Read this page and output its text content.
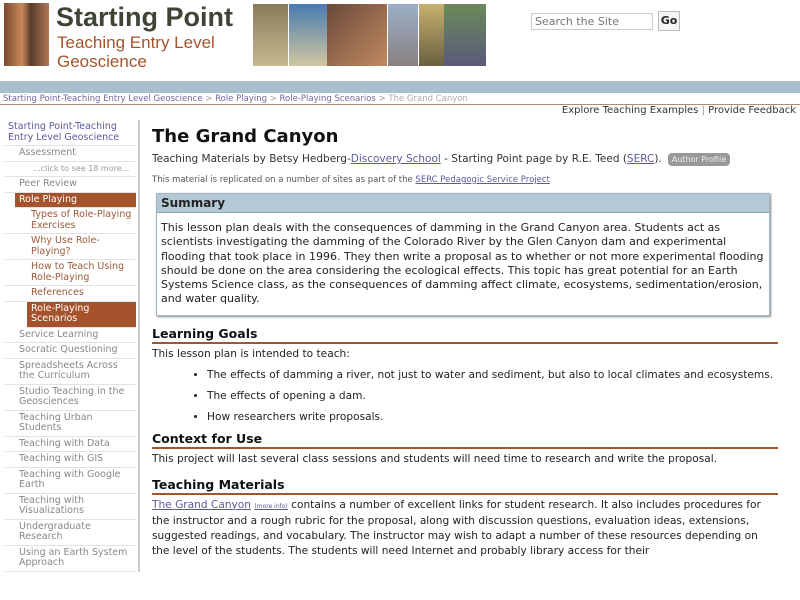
Starting Point
Teaching Entry Level Geoscience
Search the Site
Go
Starting Point-Teaching Entry Level Geoscience > Role Playing > Role-Playing Scenarios > The Grand Canyon
Explore Teaching Examples | Provide Feedback
Starting Point-Teaching Entry Level Geoscience
Assessment
...click to see 18 more...
Peer Review
Role Playing
Types of Role-Playing Exercises
Why Use Role-Playing?
How to Teach Using Role-Playing
References
Role-Playing Scenarios
Service Learning
Socratic Questioning
Spreadsheets Across the Curriculum
Studio Teaching in the Geosciences
Teaching Urban Students
Teaching with Data
Teaching with GIS
Teaching with Google Earth
Teaching with Visualizations
Undergraduate Research
Using an Earth System Approach
The Grand Canyon
Teaching Materials by Betsy Hedberg-Discovery School - Starting Point page by R.E. Teed (SERC). Author Profile
This material is replicated on a number of sites as part of the SERC Pedagogic Service Project
Summary
This lesson plan deals with the consequences of damming in the Grand Canyon area. Students act as scientists investigating the damming of the Colorado River by the Glen Canyon dam and experimental flooding that took place in 1996. They then write a proposal as to whether or not more experimental flooding should be done on the area considering the ecological effects. This topic has great potential for an Earth Systems Science class, as the consequences of damming affect climate, ecosystems, sedimentation/erosion, and water quality.
Learning Goals

This lesson plan is intended to teach:

• The effects of damming a river, not just to water and sediment, but also to local climates and ecosystems.
• The effects of opening a dam.
• How researchers write proposals.
Context for Use

This project will last several class sessions and students will need time to research and write the proposal.

Teaching Materials

The Grand Canyon (more info) contains a number of excellent links for student research. It also includes procedures for the instructor and a rough rubric for the proposal, along with discussion questions, evaluation ideas, extensions, suggested readings, and vocabulary. The instructor may wish to adapt a number of these resources depending on the level of the students. The students will need Internet and probably library access for their
